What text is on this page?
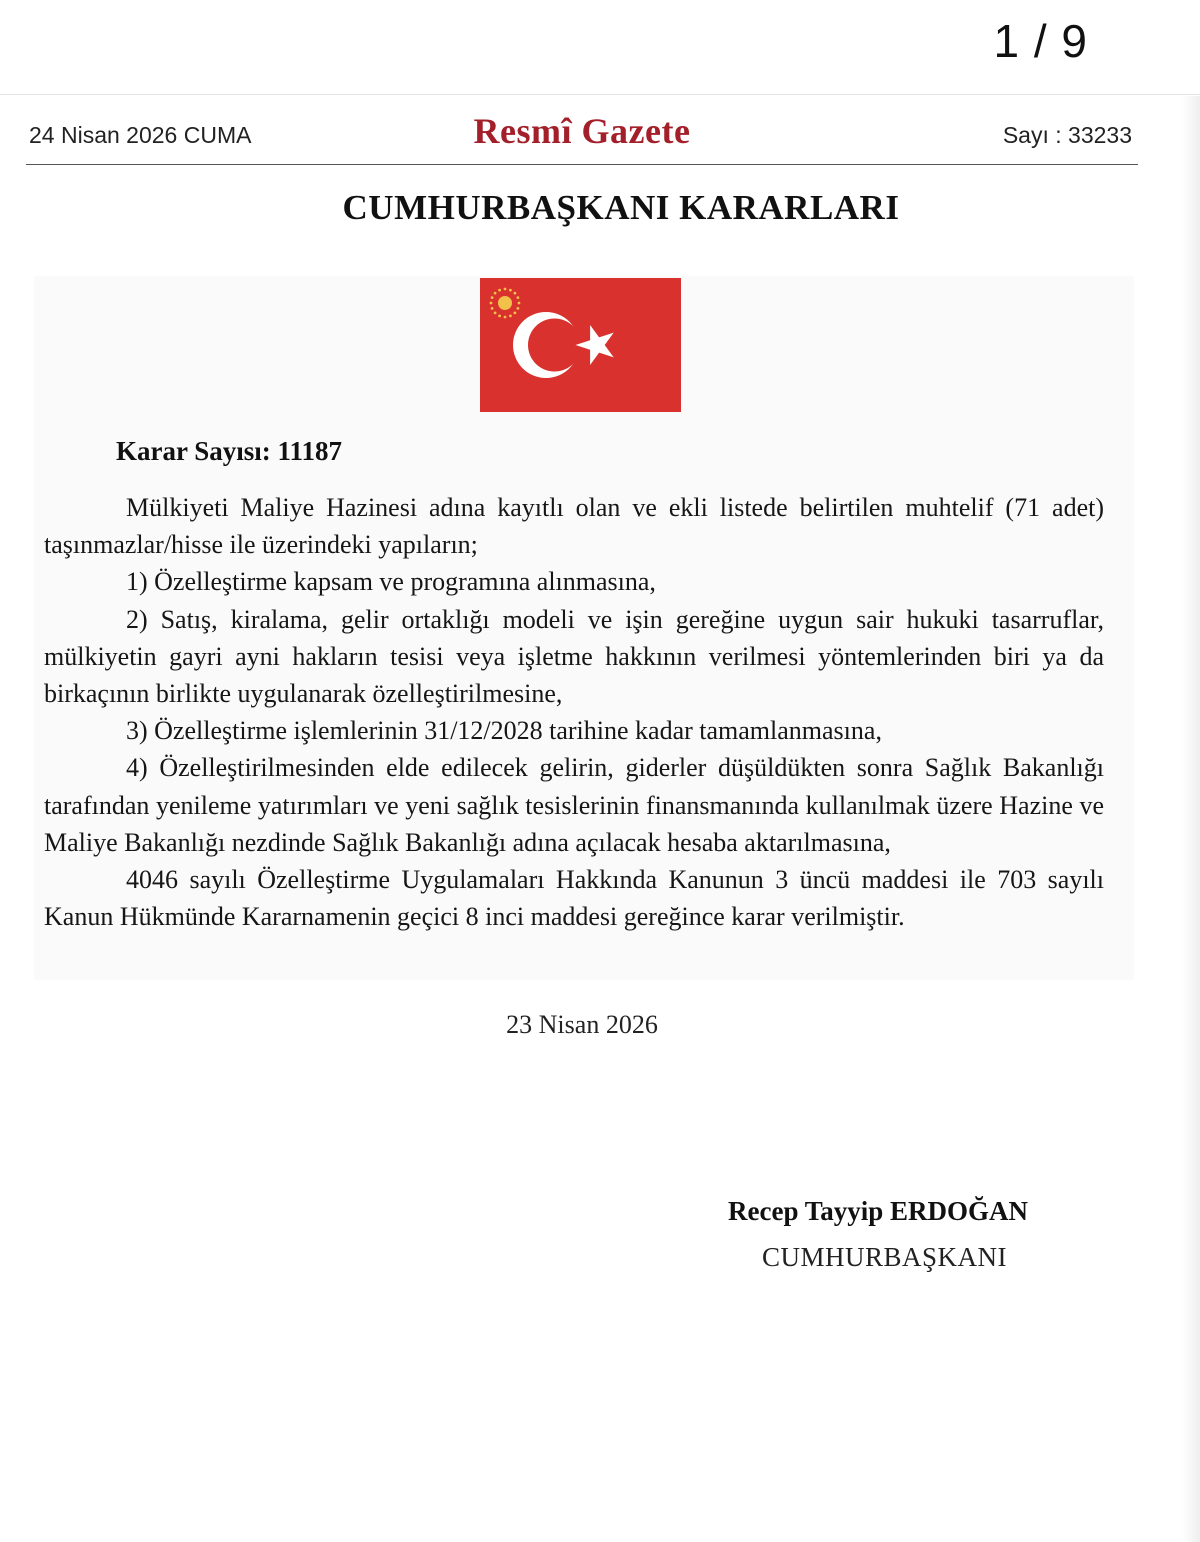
1 / 9
24 Nisan 2026 CUMA	Resmî Gazete	Sayı : 33233
CUMHURBAŞKANI KARARLARI
Karar Sayısı: 11187

Mülkiyeti Maliye Hazinesi adına kayıtlı olan ve ekli listede belirtilen muhtelif (71 adet) taşınmazlar/hisse ile üzerindeki yapıların;

1) Özelleştirme kapsam ve programına alınmasına,

2) Satış, kiralama, gelir ortaklığı modeli ve işin gereğine uygun sair hukuki tasarruflar, mülkiyetin gayri ayni hakların tesisi veya işletme hakkının verilmesi yöntemlerinden biri ya da birkaçının birlikte uygulanarak özelleştirilmesine,

3) Özelleştirme işlemlerinin 31/12/2028 tarihine kadar tamamlanmasına,

4) Özelleştirilmesinden elde edilecek gelirin, giderler düşüldükten sonra Sağlık Bakanlığı tarafından yenileme yatırımları ve yeni sağlık tesislerinin finansmanında kullanılmak üzere Hazine ve Maliye Bakanlığı nezdinde Sağlık Bakanlığı adına açılacak hesaba aktarılmasına,

4046 sayılı Özelleştirme Uygulamaları Hakkında Kanunun 3 üncü maddesi ile 703 sayılı Kanun Hükmünde Kararnamenin geçici 8 inci maddesi gereğince karar verilmiştir.

23 Nisan 2026
Recep Tayyip ERDOĞAN
CUMHURBAŞKANI
